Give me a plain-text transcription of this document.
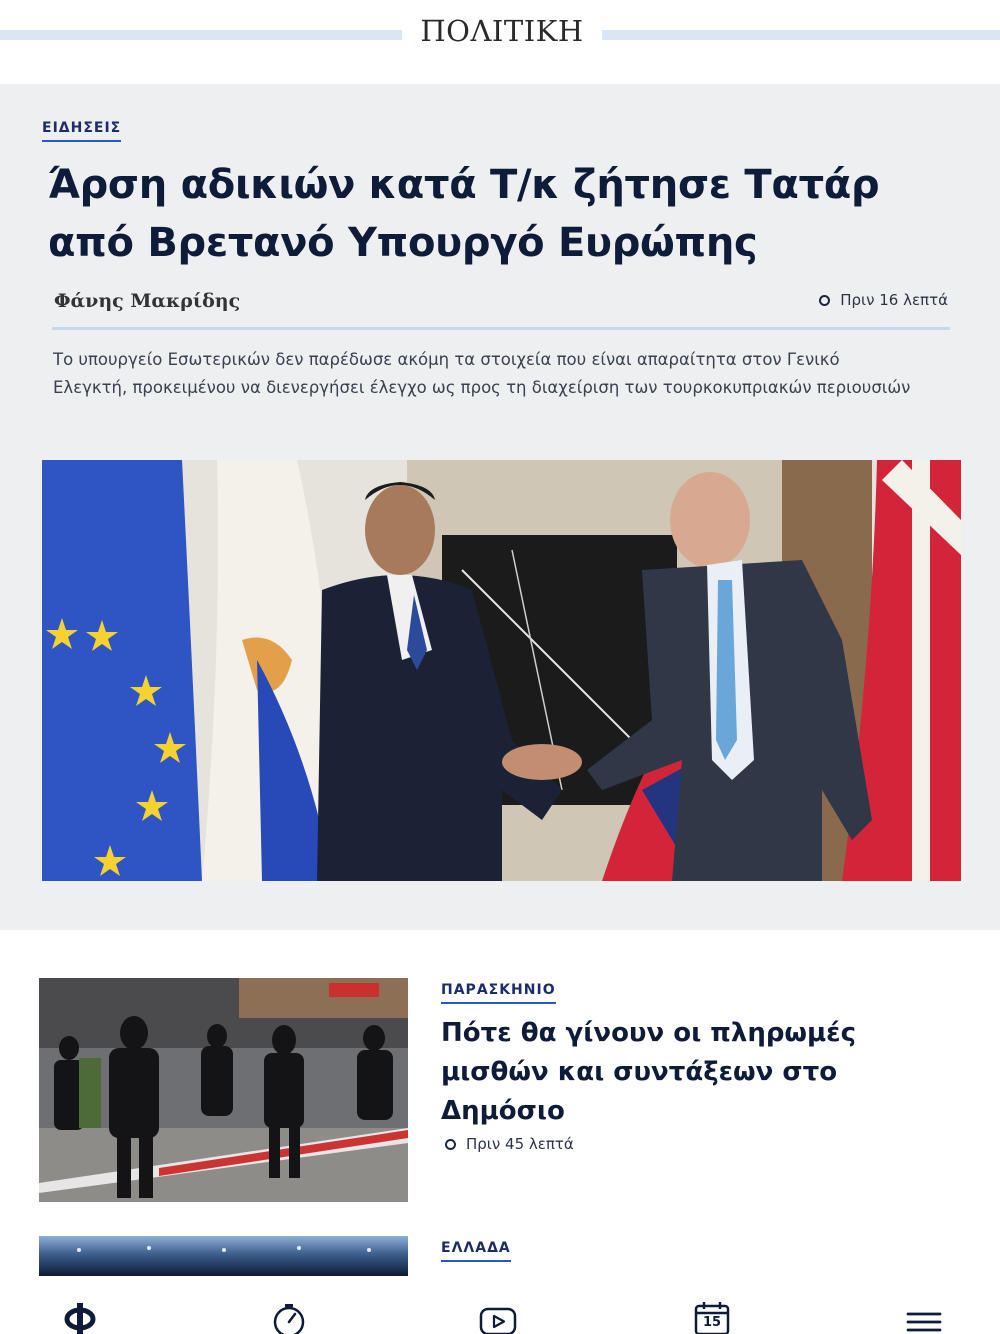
ΠΟΛΙΤΙΚΗ
ΕΙΔΗΣΕΙΣ
Άρση αδικιών κατά Τ/κ ζήτησε Τατάρ από Βρετανό Υπουργό Ευρώπης
Φάνης Μακρίδης	Πριν 16 λεπτά

Το υπουργείο Εσωτερικών δεν παρέδωσε ακόμη τα στοιχεία που είναι απαραίτητα στον Γενικό Ελεγκτή, προκειμένου να διενεργήσει έλεγχο ως προς τη διαχείριση των τουρκοκυπριακών περιουσιών

ΠΑΡΑΣΚΗΝΙΟ
Πότε θα γίνουν οι πληρωμές μισθών και συντάξεων στο Δημόσιο
Πριν 45 λεπτά
ΕΛΛΑΔΑ
15
